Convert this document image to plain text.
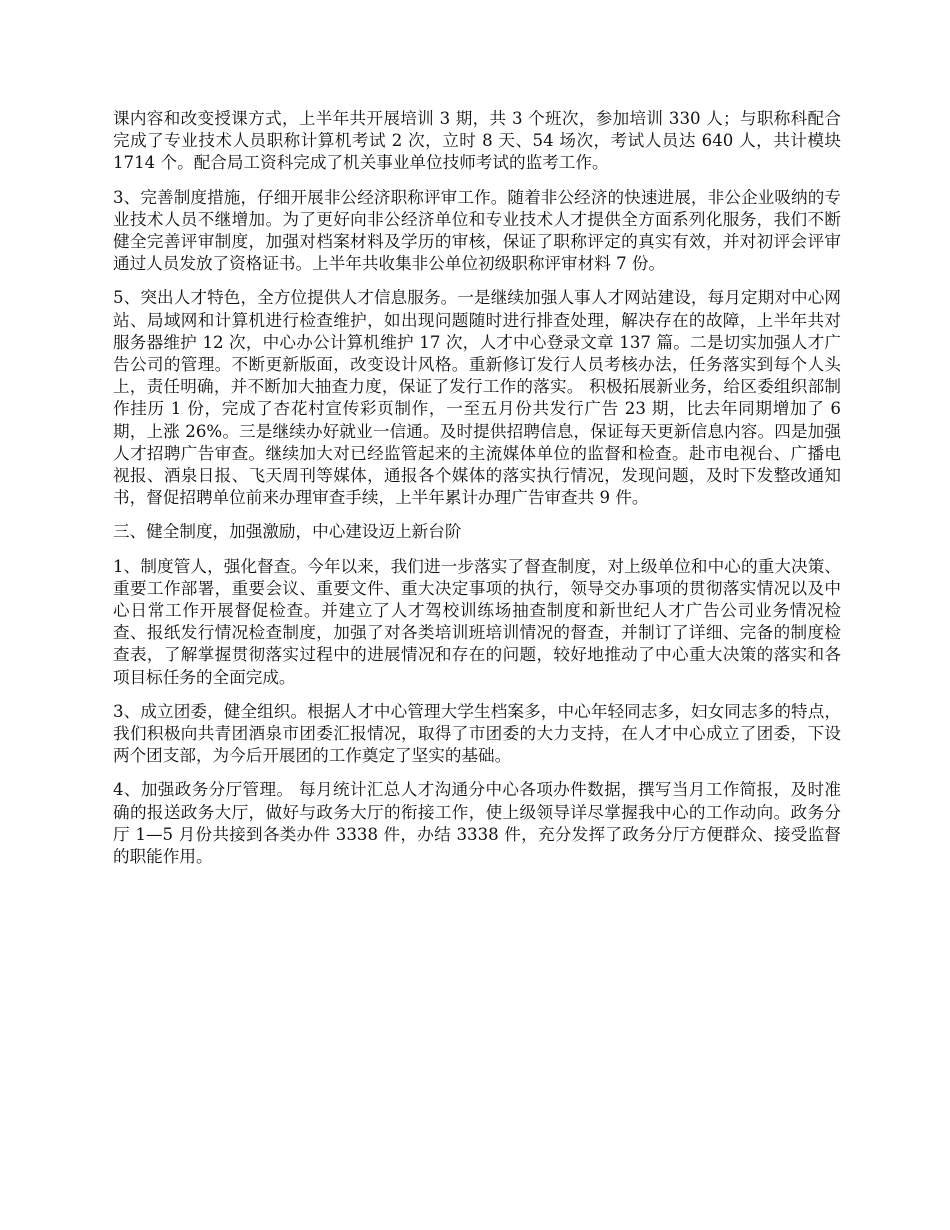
课内容和改变授课方式，上半年共开展培训 3 期，共 3 个班次，参加培训 330 人；与职称科配合完成了专业技术人员职称计算机考试 2 次，立时 8 天、54 场次，考试人员达 640 人，共计模块 1714 个。配合局工资科完成了机关事业单位技师考试的监考工作。

3、完善制度措施，仔细开展非公经济职称评审工作。随着非公经济的快速进展，非公企业吸纳的专业技术人员不继增加。为了更好向非公经济单位和专业技术人才提供全方面系列化服务，我们不断健全完善评审制度，加强对档案材料及学历的审核，保证了职称评定的真实有效，并对初评会评审通过人员发放了资格证书。上半年共收集非公单位初级职称评审材料 7 份。

5、突出人才特色，全方位提供人才信息服务。一是继续加强人事人才网站建设，每月定期对中心网站、局域网和计算机进行检查维护，如出现问题随时进行排查处理，解决存在的故障，上半年共对服务器维护 12 次，中心办公计算机维护 17 次，人才中心登录文章 137 篇。二是切实加强人才广告公司的管理。不断更新版面，改变设计风格。重新修订发行人员考核办法，任务落实到每个人头上，责任明确，并不断加大抽查力度，保证了发行工作的落实。 积极拓展新业务，给区委组织部制作挂历 1 份，完成了杏花村宣传彩页制作，一至五月份共发行广告 23 期，比去年同期增加了 6 期，上涨 26%。三是继续办好就业一信通。及时提供招聘信息，保证每天更新信息内容。四是加强人才招聘广告审查。继续加大对已经监管起来的主流媒体单位的监督和检查。赴市电视台、广播电视报、酒泉日报、飞天周刊等媒体，通报各个媒体的落实执行情况，发现问题，及时下发整改通知书，督促招聘单位前来办理审查手续，上半年累计办理广告审查共 9 件。

三、健全制度，加强激励，中心建设迈上新台阶

1、制度管人，强化督查。今年以来，我们进一步落实了督查制度，对上级单位和中心的重大决策、重要工作部署，重要会议、重要文件、重大决定事项的执行，领导交办事项的贯彻落实情况以及中心日常工作开展督促检查。并建立了人才驾校训练场抽查制度和新世纪人才广告公司业务情况检查、报纸发行情况检查制度，加强了对各类培训班培训情况的督查，并制订了详细、完备的制度检查表，了解掌握贯彻落实过程中的进展情况和存在的问题，较好地推动了中心重大决策的落实和各项目标任务的全面完成。

3、成立团委，健全组织。根据人才中心管理大学生档案多，中心年轻同志多，妇女同志多的特点，我们积极向共青团酒泉市团委汇报情况，取得了市团委的大力支持，在人才中心成立了团委，下设两个团支部，为今后开展团的工作奠定了坚实的基础。

4、加强政务分厅管理。 每月统计汇总人才沟通分中心各项办件数据，撰写当月工作简报，及时准确的报送政务大厅，做好与政务大厅的衔接工作，使上级领导详尽掌握我中心的工作动向。政务分厅 1—5 月份共接到各类办件 3338 件，办结 3338 件，充分发挥了政务分厅方便群众、接受监督的职能作用。
